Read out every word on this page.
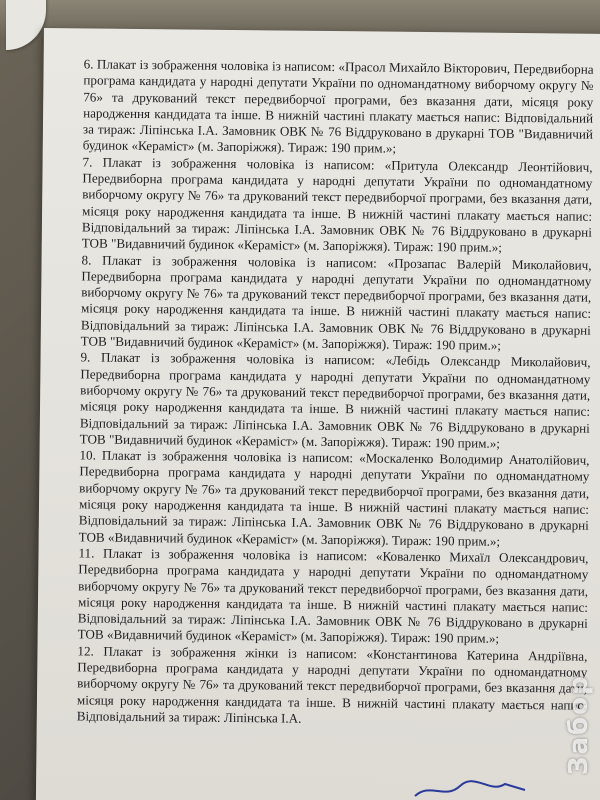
6. Плакат із зображення чоловіка із написом: «Прасол Михайло Вікторович, Передвиборна програма кандидата у народні депутати України по одномандатному виборчому округу № 76» та друкований текст передвиборчої програми, без вказання дати, місяця року народження кандидата та інше. В нижній частині плакату мається напис: Відповідальний за тираж: Ліпінська І.А. Замовник ОВК № 76 Віддруковано в друкарні ТОВ "Видавничий будинок «Кераміст» (м. Запоріжжя). Тираж: 190 прим.»;

7. Плакат із зображення чоловіка із написом: «Притула Олександр Леонтійович, Передвиборна програма кандидата у народні депутати України по одномандатному виборчому округу № 76» та друкований текст передвиборчої програми, без вказання дати, місяця року народження кандидата та інше. В нижній частині плакату мається напис: Відповідальний за тираж: Ліпінська І.А. Замовник ОВК № 76 Віддруковано в друкарні ТОВ "Видавничий будинок «Кераміст» (м. Запоріжжя). Тираж: 190 прим.»;

8. Плакат із зображення чоловіка із написом: «Прозапас Валерій Миколайович, Передвиборна програма кандидата у народні депутати України по одномандатному виборчому округу № 76» та друкований текст передвиборчої програми, без вказання дати, місяця року народження кандидата та інше. В нижній частині плакату мається напис: Відповідальний за тираж: Ліпінська І.А. Замовник ОВК № 76 Віддруковано в друкарні ТОВ "Видавничий будинок «Кераміст» (м. Запоріжжя). Тираж: 190 прим.»;

9. Плакат із зображення чоловіка із написом: «Лебідь Олександр Миколайович, Передвиборна програма кандидата у народні депутати України по одномандатному виборчому округу № 76» та друкований текст передвиборчої програми, без вказання дати, місяця року народження кандидата та інше. В нижній частині плакату мається напис: Відповідальний за тираж: Ліпінська І.А. Замовник ОВК № 76 Віддруковано в друкарні ТОВ "Видавничий будинок «Кераміст» (м. Запоріжжя). Тираж: 190 прим.»;

10. Плакат із зображення чоловіка із написом: «Москаленко Володимир Анатолійович, Передвиборна програма кандидата у народні депутати України по одномандатному виборчому округу № 76» та друкований текст передвиборчої програми, без вказання дати, місяця року народження кандидата та інше. В нижній частині плакату мається напис: Відповідальний за тираж: Ліпінська І.А. Замовник ОВК № 76 Віддруковано в друкарні ТОВ «Видавничий будинок «Кераміст» (м. Запоріжжя). Тираж: 190 прим.»;

11. Плакат із зображення чоловіка із написом: «Коваленко Михаїл Олександрович, Передвиборна програма кандидата у народні депутати України по одномандатному виборчому округу № 76» та друкований текст передвиборчої програми, без вказання дати, місяця року народження кандидата та інше. В нижній частині плакату мається напис: Відповідальний за тираж: Ліпінська І.А. Замовник ОВК № 76 Віддруковано в друкарні ТОВ «Видавничий будинок «Кераміст» (м. Запоріжжя). Тираж: 190 прим.»;

12. Плакат із зображення жінки із написом: «Константинова Катерина Андріївна, Передвиборна програма кандидата у народні депутати України по одномандатному виборчому округу № 76» та друкований текст передвиборчої програми, без вказання дати, місяця року народження кандидата та інше. В нижній частині плакату мається напис: Відповідальний за тираж: Ліпінська І.А.	Забор
